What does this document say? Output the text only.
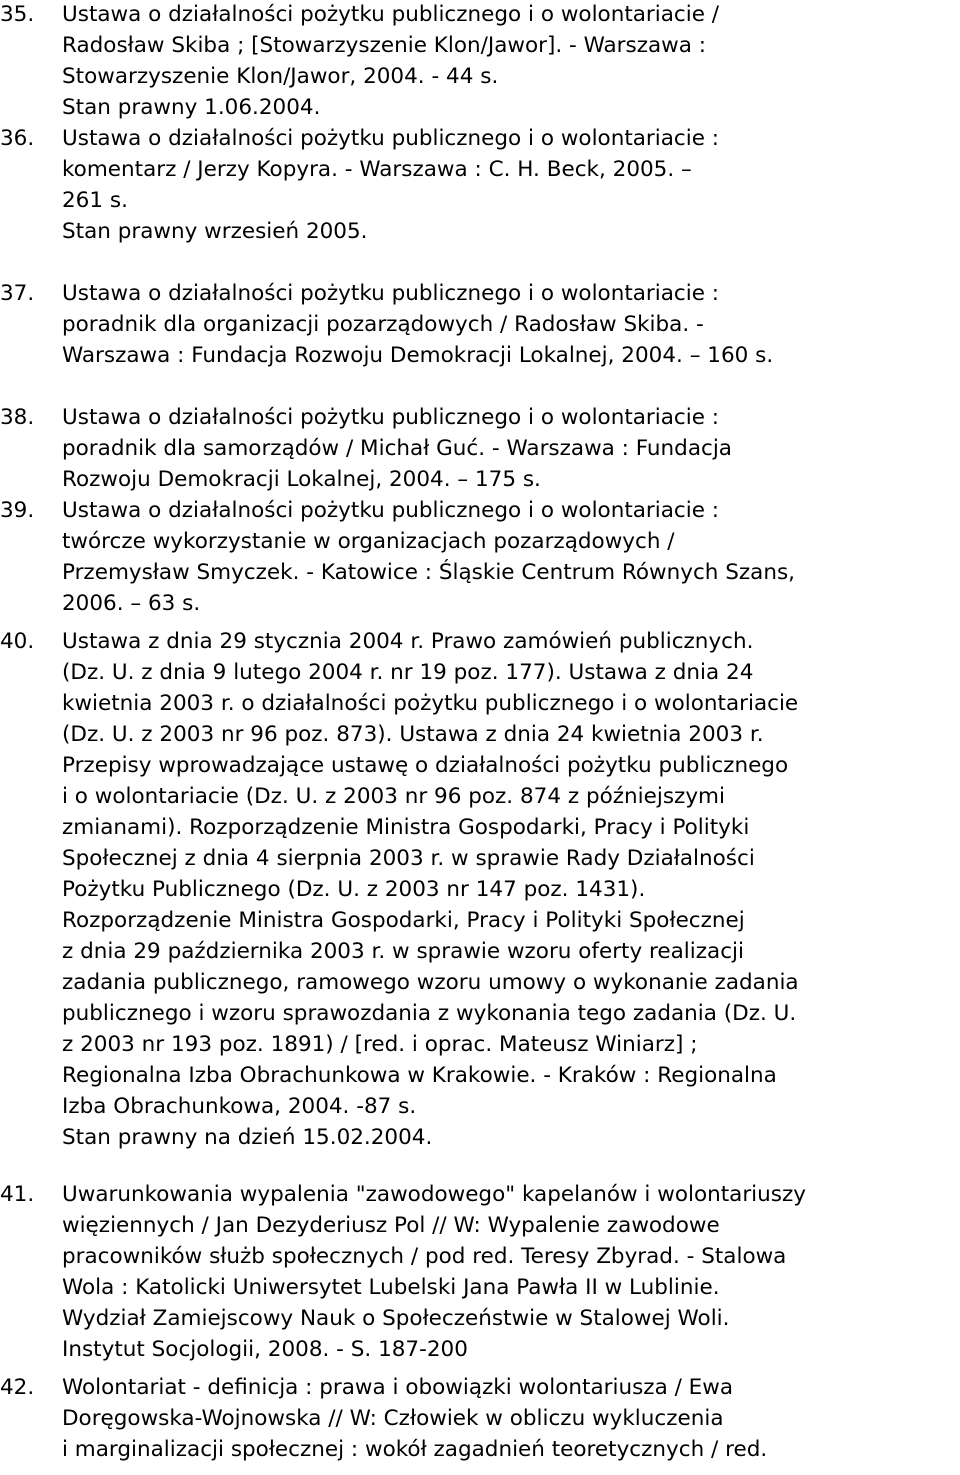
35. Ustawa o działalności pożytku publicznego i o wolontariacie /
Radosław Skiba ; [Stowarzyszenie Klon/Jawor]. - Warszawa :
Stowarzyszenie Klon/Jawor, 2004. - 44 s.
Stan prawny 1.06.2004.
36. Ustawa o działalności pożytku publicznego i o wolontariacie :
komentarz / Jerzy Kopyra. - Warszawa : C. H. Beck, 2005. –
261 s.
Stan prawny wrzesień 2005.
37. Ustawa o działalności pożytku publicznego i o wolontariacie :
poradnik dla organizacji pozarządowych / Radosław Skiba. -
Warszawa : Fundacja Rozwoju Demokracji Lokalnej, 2004. – 160 s.
38. Ustawa o działalności pożytku publicznego i o wolontariacie :
poradnik dla samorządów / Michał Guć. - Warszawa : Fundacja
Rozwoju Demokracji Lokalnej, 2004. – 175 s.
39. Ustawa o działalności pożytku publicznego i o wolontariacie :
twórcze wykorzystanie w organizacjach pozarządowych /
Przemysław Smyczek. - Katowice : Śląskie Centrum Równych Szans,
2006. – 63 s.
40. Ustawa z dnia 29 stycznia 2004 r. Prawo zamówień publicznych.
(Dz. U. z dnia 9 lutego 2004 r. nr 19 poz. 177). Ustawa z dnia 24
kwietnia 2003 r. o działalności pożytku publicznego i o wolontariacie
(Dz. U. z 2003 nr 96 poz. 873). Ustawa z dnia 24 kwietnia 2003 r.
Przepisy wprowadzające ustawę o działalności pożytku publicznego
i o wolontariacie (Dz. U. z 2003 nr 96 poz. 874 z późniejszymi
zmianami). Rozporządzenie Ministra Gospodarki, Pracy i Polityki
Społecznej z dnia 4 sierpnia 2003 r. w sprawie Rady Działalności
Pożytku Publicznego (Dz. U. z 2003 nr 147 poz. 1431).
Rozporządzenie Ministra Gospodarki, Pracy i Polityki Społecznej
z dnia 29 października 2003 r. w sprawie wzoru oferty realizacji
zadania publicznego, ramowego wzoru umowy o wykonanie zadania
publicznego i wzoru sprawozdania z wykonania tego zadania (Dz. U.
z 2003 nr 193 poz. 1891) / [red. i oprac. Mateusz Winiarz] ;
Regionalna Izba Obrachunkowa w Krakowie. - Kraków : Regionalna
Izba Obrachunkowa, 2004. -87 s.
Stan prawny na dzień 15.02.2004.
41. Uwarunkowania wypalenia "zawodowego" kapelanów i wolontariuszy
więziennych / Jan Dezyderiusz Pol // W: Wypalenie zawodowe
pracowników służb społecznych / pod red. Teresy Zbyrad. - Stalowa
Wola : Katolicki Uniwersytet Lubelski Jana Pawła II w Lublinie.
Wydział Zamiejscowy Nauk o Społeczeństwie w Stalowej Woli.
Instytut Socjologii, 2008. - S. 187-200
42. Wolontariat - definicja : prawa i obowiązki wolontariusza / Ewa
Doręgowska-Wojnowska // W: Człowiek w obliczu wykluczenia
i marginalizacji społecznej : wokół zagadnień teoretycznych / red.
